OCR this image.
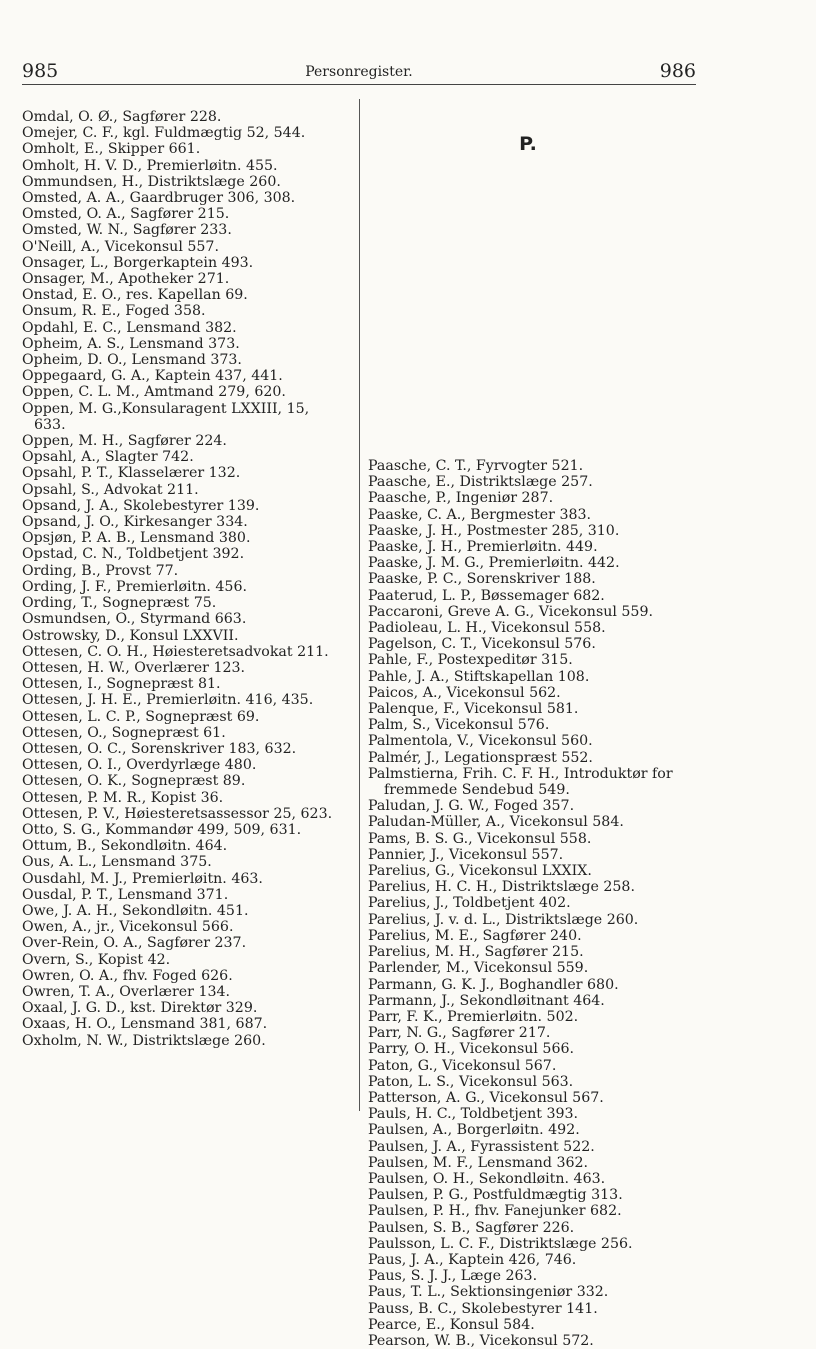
985	Personregister.	986
P.
Omdal, O. Ø., Sagfører 228.
Omejer, C. F., kgl. Fuldmægtig 52, 544.
Omholt, E., Skipper 661.
Omholt, H. V. D., Premierløitn. 455.
Ommundsen, H., Distriktslæge 260.
Omsted, A. A., Gaardbruger 306, 308.
Omsted, O. A., Sagfører 215.
Omsted, W. N., Sagfører 233.
O'Neill, A., Vicekonsul 557.
Onsager, L., Borgerkaptein 493.
Onsager, M., Apotheker 271.
Onstad, E. O., res. Kapellan 69.
Onsum, R. E., Foged 358.
Opdahl, E. C., Lensmand 382.
Opheim, A. S., Lensmand 373.
Opheim, D. O., Lensmand 373.
Oppegaard, G. A., Kaptein 437, 441.
Oppen, C. L. M., Amtmand 279, 620.
Oppen, M. G.,Konsularagent LXXIII, 15,
633.
Oppen, M. H., Sagfører 224.
Opsahl, A., Slagter 742.
Opsahl, P. T., Klasselærer 132.
Opsahl, S., Advokat 211.
Opsand, J. A., Skolebestyrer 139.
Opsand, J. O., Kirkesanger 334.
Opsjøn, P. A. B., Lensmand 380.
Opstad, C. N., Toldbetjent 392.
Ording, B., Provst 77.
Ording, J. F., Premierløitn. 456.
Ording, T., Sognepræst 75.
Osmundsen, O., Styrmand 663.
Ostrowsky, D., Konsul LXXVII.
Ottesen, C. O. H., Høiesteretsadvokat 211.
Ottesen, H. W., Overlærer 123.
Ottesen, I., Sognepræst 81.
Ottesen, J. H. E., Premierløitn. 416, 435.
Ottesen, L. C. P., Sognepræst 69.
Ottesen, O., Sognepræst 61.
Ottesen, O. C., Sorenskriver 183, 632.
Ottesen, O. I., Overdyrlæge 480.
Ottesen, O. K., Sognepræst 89.
Ottesen, P. M. R., Kopist 36.
Ottesen, P. V., Høiesteretsassessor 25, 623.
Otto, S. G., Kommandør 499, 509, 631.
Ottum, B., Sekondløitn. 464.
Ous, A. L., Lensmand 375.
Ousdahl, M. J., Premierløitn. 463.
Ousdal, P. T., Lensmand 371.
Owe, J. A. H., Sekondløitn. 451.
Owen, A., jr., Vicekonsul 566.
Over-Rein, O. A., Sagfører 237.
Overn, S., Kopist 42.
Owren, O. A., fhv. Foged 626.
Owren, T. A., Overlærer 134.
Oxaal, J. G. D., kst. Direktør 329.
Oxaas, H. O., Lensmand 381, 687.
Oxholm, N. W., Distriktslæge 260.
Paasche, C. T., Fyrvogter 521.
Paasche, E., Distriktslæge 257.
Paasche, P., Ingeniør 287.
Paaske, C. A., Bergmester 383.
Paaske, J. H., Postmester 285, 310.
Paaske, J. H., Premierløitn. 449.
Paaske, J. M. G., Premierløitn. 442.
Paaske, P. C., Sorenskriver 188.
Paaterud, L. P., Bøssemager 682.
Paccaroni, Greve A. G., Vicekonsul 559.
Padioleau, L. H., Vicekonsul 558.
Pagelson, C. T., Vicekonsul 576.
Pahle, F., Postexpeditør 315.
Pahle, J. A., Stiftskapellan 108.
Paicos, A., Vicekonsul 562.
Palenque, F., Vicekonsul 581.
Palm, S., Vicekonsul 576.
Palmentola, V., Vicekonsul 560.
Palmér, J., Legationspræst 552.
Palmstierna, Frih. C. F. H., Introduktør for
fremmede Sendebud 549.
Paludan, J. G. W., Foged 357.
Paludan-Müller, A., Vicekonsul 584.
Pams, B. S. G., Vicekonsul 558.
Pannier, J., Vicekonsul 557.
Parelius, G., Vicekonsul LXXIX.
Parelius, H. C. H., Distriktslæge 258.
Parelius, J., Toldbetjent 402.
Parelius, J. v. d. L., Distriktslæge 260.
Parelius, M. E., Sagfører 240.
Parelius, M. H., Sagfører 215.
Parlender, M., Vicekonsul 559.
Parmann, G. K. J., Boghandler 680.
Parmann, J., Sekondløitnant 464.
Parr, F. K., Premierløitn. 502.
Parr, N. G., Sagfører 217.
Parry, O. H., Vicekonsul 566.
Paton, G., Vicekonsul 567.
Paton, L. S., Vicekonsul 563.
Patterson, A. G., Vicekonsul 567.
Pauls, H. C., Toldbetjent 393.
Paulsen, A., Borgerløitn. 492.
Paulsen, J. A., Fyrassistent 522.
Paulsen, M. F., Lensmand 362.
Paulsen, O. H., Sekondløitn. 463.
Paulsen, P. G., Postfuldmægtig 313.
Paulsen, P. H., fhv. Fanejunker 682.
Paulsen, S. B., Sagfører 226.
Paulsson, L. C. F., Distriktslæge 256.
Paus, J. A., Kaptein 426, 746.
Paus, S. J. J., Læge 263.
Paus, T. L., Sektionsingeniør 332.
Pauss, B. C., Skolebestyrer 141.
Pearce, E., Konsul 584.
Pearson, W. B., Vicekonsul 572.
